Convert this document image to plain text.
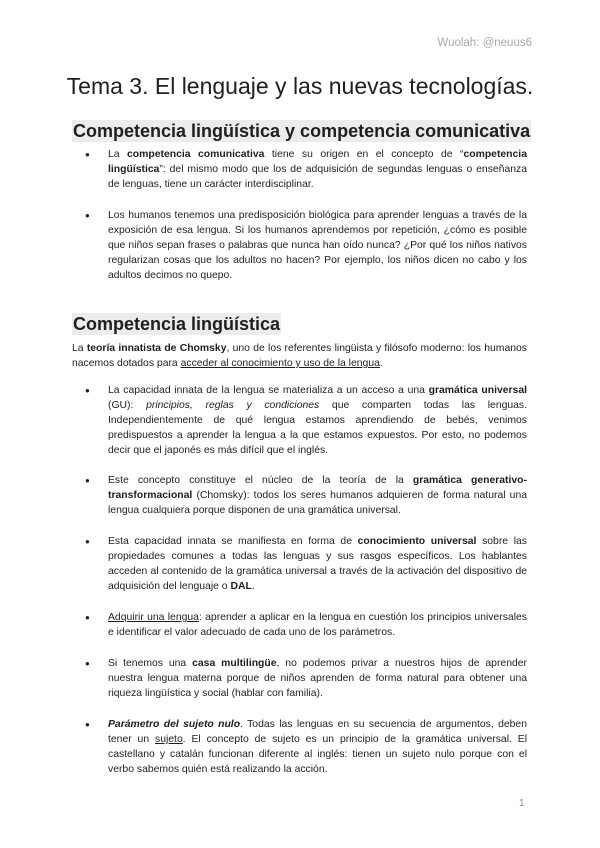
Wuolah: @neuus6
Tema 3. El lenguaje y las nuevas tecnologías.
Competencia lingüística y competencia comunicativa
● La competencia comunicativa tiene su origen en el concepto de “competencia lingüística”: del mismo modo que los de adquisición de segundas lenguas o enseñanza de lenguas, tiene un carácter interdisciplinar.
● Los humanos tenemos una predisposición biológica para aprender lenguas a través de la exposición de esa lengua. Si los humanos aprendemos por repetición, ¿cómo es posible que niños sepan frases o palabras que nunca han oído nunca? ¿Por qué los niños nativos regularizan cosas que los adultos no hacen? Por ejemplo, los niños dicen no cabo y los adultos decimos no quepo.
Competencia lingüística

La teoría innatista de Chomsky, uno de los referentes lingüista y filósofo moderno: los humanos nacemos dotados para acceder al conocimiento y uso de la lengua.

● La capacidad innata de la lengua se materializa a un acceso a una gramática universal (GU): principios, reglas y condiciones que comparten todas las lenguas. Independientemente de qué lengua estamos aprendiendo de bebés, venimos predispuestos a aprender la lengua a la que estamos expuestos. Por esto, no podemos decir que el japonés es más difícil que el inglés.
● Este concepto constituye el núcleo de la teoría de la gramática generativo-transformacional (Chomsky): todos los seres humanos adquieren de forma natural una lengua cualquiera porque disponen de una gramática universal.
● Esta capacidad innata se manifiesta en forma de conocimiento universal sobre las propiedades comunes a todas las lenguas y sus rasgos específicos. Los hablantes acceden al contenido de la gramática universal a través de la activación del dispositivo de adquisición del lenguaje o DAL.
● Adquirir una lengua: aprender a aplicar en la lengua en cuestión los principios universales e identificar el valor adecuado de cada uno de los parámetros.
● Si tenemos una casa multilingüe, no podemos privar a nuestros hijos de aprender nuestra lengua materna porque de niños aprenden de forma natural para obtener una riqueza lingüística y social (hablar con familia).
● Parámetro del sujeto nulo. Todas las lenguas en su secuencia de argumentos, deben tener un sujeto. El concepto de sujeto es un principio de la gramática universal. El castellano y catalán funcionan diferente al inglés: tienen un sujeto nulo porque con el verbo sabemos quién está realizando la acción.
1
